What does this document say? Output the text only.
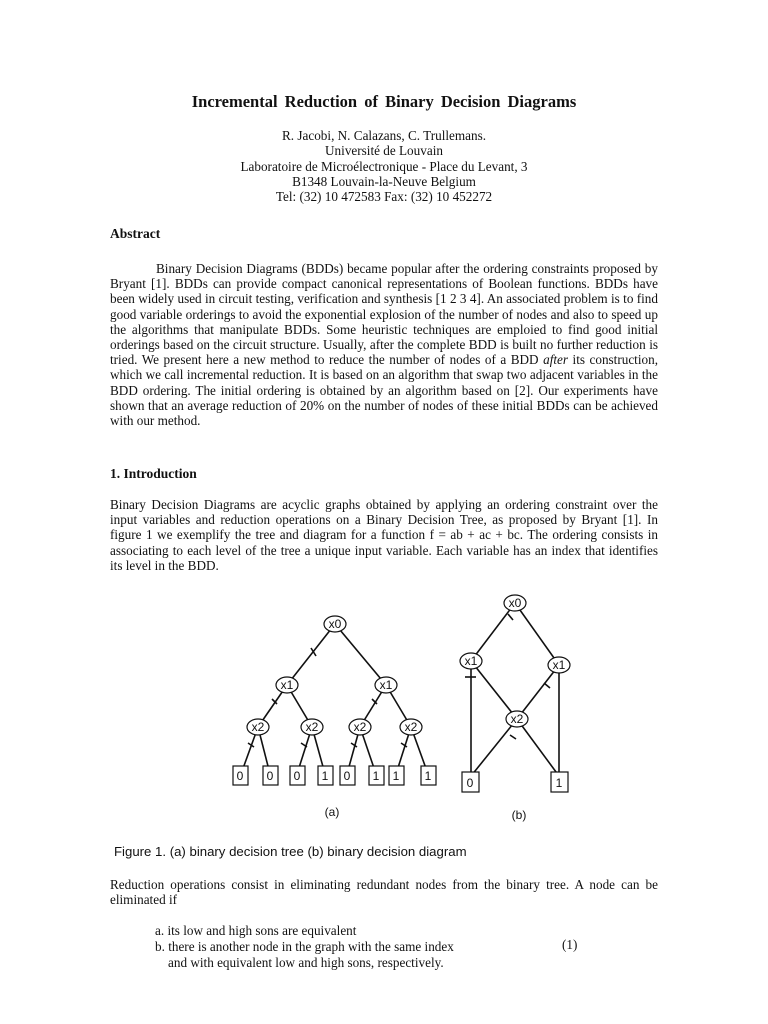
Incremental Reduction of Binary Decision Diagrams
R. Jacobi, N. Calazans, C. Trullemans.
Université de Louvain
Laboratoire de Microélectronique - Place du Levant, 3
B1348 Louvain-la-Neuve Belgium
Tel: (32) 10 472583 Fax: (32) 10 452272
Abstract

Binary Decision Diagrams (BDDs) became popular after the ordering constraints proposed by Bryant [1]. BDDs can provide compact canonical representations of Boolean functions. BDDs have been widely used in circuit testing, verification and synthesis [1 2 3 4]. An associated problem is to find good variable orderings to avoid the exponential explosion of the number of nodes and also to speed up the algorithms that manipulate BDDs. Some heuristic techniques are emploied to find good initial orderings based on the circuit structure. Usually, after the complete BDD is built no further reduction is tried. We present here a new method to reduce the number of nodes of a BDD after its construction, which we call incremental reduction. It is based on an algorithm that swap two adjacent variables in the BDD ordering. The initial ordering is obtained by an algorithm based on [2]. Our experiments have shown that an average reduction of 20% on the number of nodes of these initial BDDs can be achieved with our method.

1. Introduction

Binary Decision Diagrams are acyclic graphs obtained by applying an ordering constraint over the input variables and reduction operations on a Binary Decision Tree, as proposed by Bryant [1]. In figure 1 we exemplify the tree and diagram for a function f = ab + ac + bc. The ordering consists in associating to each level of the tree a unique input variable. Each variable has an index that identifies its level in the BDD.

x0
x1	x1
x2	x2	x2	x2
0 0 0 1 0 1 1 1
x0
x1	x1
x2
0	1
(a)	(b)
Figure 1. (a) binary decision tree (b) binary decision diagram

Reduction operations consist in eliminating redundant nodes from the binary tree. A node can be eliminated if

a. its low and high sons are equivalent
b. there is another node in the graph with the same index
and with equivalent low and high sons, respectively.
(1)
